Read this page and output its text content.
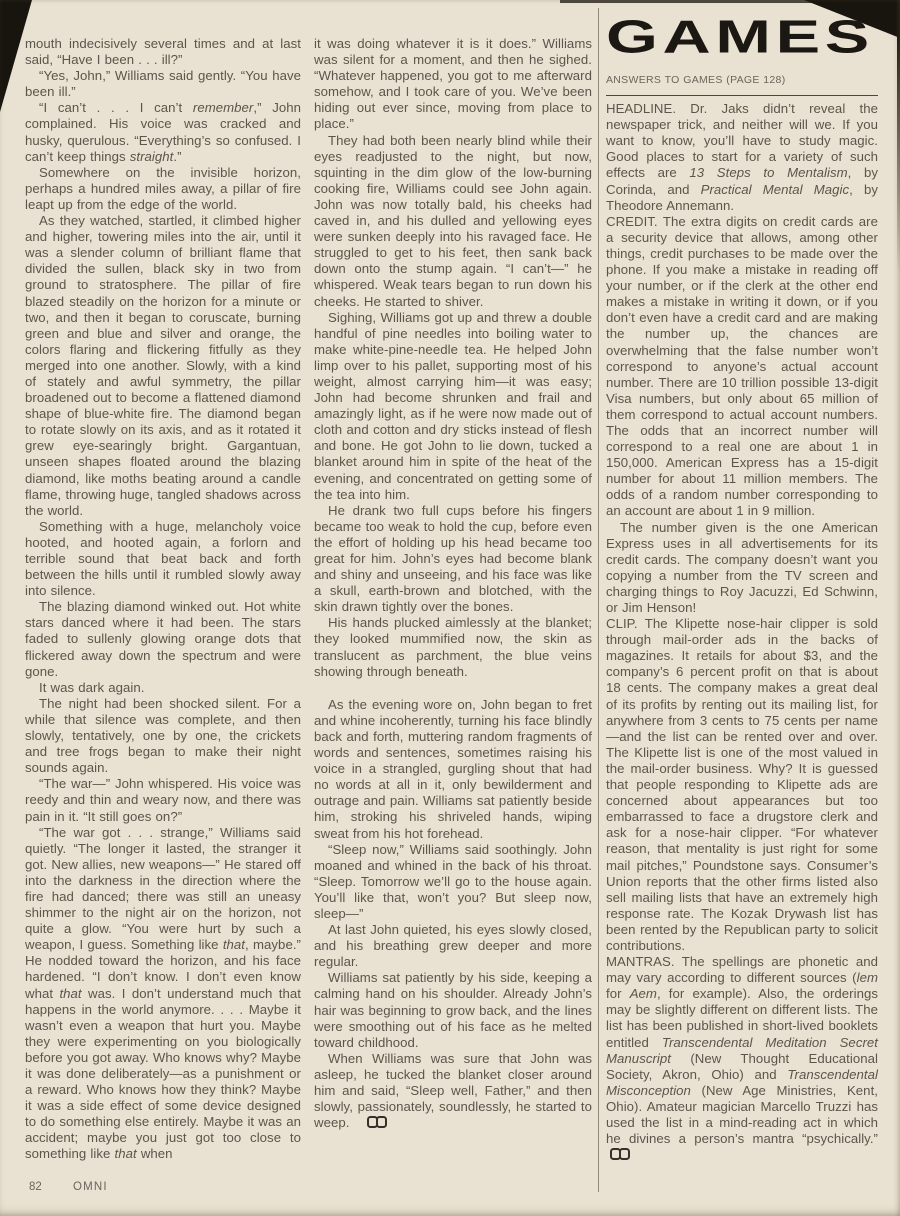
mouth indecisively several times and at last said, “Have I been . . . ill?”

“Yes, John,” Williams said gently. “You have been ill.”

“I can’t . . . I can’t remember,” John complained. His voice was cracked and husky, querulous. “Everything’s so confused. I can’t keep things straight.”

Somewhere on the invisible horizon, perhaps a hundred miles away, a pillar of fire leapt up from the edge of the world.

As they watched, startled, it climbed higher and higher, towering miles into the air, until it was a slender column of brilliant flame that divided the sullen, black sky in two from ground to stratosphere. The pillar of fire blazed steadily on the horizon for a minute or two, and then it began to coruscate, burning green and blue and silver and orange, the colors flaring and flickering fitfully as they merged into one another. Slowly, with a kind of stately and awful symmetry, the pillar broadened out to become a flattened diamond shape of blue-white fire. The diamond began to rotate slowly on its axis, and as it rotated it grew eye-searingly bright. Gargantuan, unseen shapes floated around the blazing diamond, like moths beating around a candle flame, throwing huge, tangled shadows across the world.

Something with a huge, melancholy voice hooted, and hooted again, a forlorn and terrible sound that beat back and forth between the hills until it rumbled slowly away into silence.

The blazing diamond winked out. Hot white stars danced where it had been. The stars faded to sullenly glowing orange dots that flickered away down the spectrum and were gone.

It was dark again.

The night had been shocked silent. For a while that silence was complete, and then slowly, tentatively, one by one, the crickets and tree frogs began to make their night sounds again.

“The war—” John whispered. His voice was reedy and thin and weary now, and there was pain in it. “It still goes on?”

“The war got . . . strange,” Williams said quietly. “The longer it lasted, the stranger it got. New allies, new weapons—” He stared off into the darkness in the direction where the fire had danced; there was still an uneasy shimmer to the night air on the horizon, not quite a glow. “You were hurt by such a weapon, I guess. Something like that, maybe.” He nodded toward the horizon, and his face hardened. “I don’t know. I don’t even know what that was. I don’t understand much that happens in the world anymore. . . . Maybe it wasn’t even a weapon that hurt you. Maybe they were experimenting on you biologically before you got away. Who knows why? Maybe it was done deliberately—as a punishment or a reward. Who knows how they think? Maybe it was a side effect of some device designed to do something else entirely. Maybe it was an accident; maybe you just got too close to something like that when

it was doing whatever it is it does.” Williams was silent for a moment, and then he sighed. “Whatever happened, you got to me afterward somehow, and I took care of you. We’ve been hiding out ever since, moving from place to place.”

They had both been nearly blind while their eyes readjusted to the night, but now, squinting in the dim glow of the low-burning cooking fire, Williams could see John again. John was now totally bald, his cheeks had caved in, and his dulled and yellowing eyes were sunken deeply into his ravaged face. He struggled to get to his feet, then sank back down onto the stump again. “I can’t—” he whispered. Weak tears began to run down his cheeks. He started to shiver.

Sighing, Williams got up and threw a double handful of pine needles into boiling water to make white-pine-needle tea. He helped John limp over to his pallet, supporting most of his weight, almost carrying him—it was easy; John had become shrunken and frail and amazingly light, as if he were now made out of cloth and cotton and dry sticks instead of flesh and bone. He got John to lie down, tucked a blanket around him in spite of the heat of the evening, and concentrated on getting some of the tea into him.

He drank two full cups before his fingers became too weak to hold the cup, before even the effort of holding up his head became too great for him. John’s eyes had become blank and shiny and unseeing, and his face was like a skull, earth-brown and blotched, with the skin drawn tightly over the bones.

His hands plucked aimlessly at the blanket; they looked mummified now, the skin as translucent as parchment, the blue veins showing through beneath.

As the evening wore on, John began to fret and whine incoherently, turning his face blindly back and forth, muttering random fragments of words and sentences, sometimes raising his voice in a strangled, gurgling shout that had no words at all in it, only bewilderment and outrage and pain. Williams sat patiently beside him, stroking his shriveled hands, wiping sweat from his hot forehead.

“Sleep now,” Williams said soothingly. John moaned and whined in the back of his throat. “Sleep. Tomorrow we’ll go to the house again. You’ll like that, won’t you? But sleep now, sleep—”

At last John quieted, his eyes slowly closed, and his breathing grew deeper and more regular.

Williams sat patiently by his side, keeping a calming hand on his shoulder. Already John’s hair was beginning to grow back, and the lines were smoothing out of his face as he melted toward childhood.

When Williams was sure that John was asleep, he tucked the blanket closer around him and said, “Sleep well, Father,” and then slowly, passionately, soundlessly, he started to weep.

GAMES
ANSWERS TO GAMES (PAGE 128)

HEADLINE. Dr. Jaks didn’t reveal the newspaper trick, and neither will we. If you want to know, you’ll have to study magic. Good places to start for a variety of such effects are 13 Steps to Mentalism, by Corinda, and Practical Mental Magic, by Theodore Annemann.

CREDIT. The extra digits on credit cards are a security device that allows, among other things, credit purchases to be made over the phone. If you make a mistake in reading off your number, or if the clerk at the other end makes a mistake in writing it down, or if you don’t even have a credit card and are making the number up, the chances are overwhelming that the false number won’t correspond to anyone’s actual account number. There are 10 trillion possible 13-digit Visa numbers, but only about 65 million of them correspond to actual account numbers. The odds that an incorrect number will correspond to a real one are about 1 in 150,000. American Express has a 15-digit number for about 11 million members. The odds of a random number corresponding to an account are about 1 in 9 million.

The number given is the one American Express uses in all advertisements for its credit cards. The company doesn’t want you copying a number from the TV screen and charging things to Roy Jacuzzi, Ed Schwinn, or Jim Henson!

CLIP. The Klipette nose-hair clipper is sold through mail-order ads in the backs of magazines. It retails for about $3, and the company’s 6 percent profit on that is about 18 cents. The company makes a great deal of its profits by renting out its mailing list, for anywhere from 3 cents to 75 cents per name—and the list can be rented over and over. The Klipette list is one of the most valued in the mail-order business. Why? It is guessed that people responding to Klipette ads are concerned about appearances but too embarrassed to face a drugstore clerk and ask for a nose-hair clipper. “For whatever reason, that mentality is just right for some mail pitches,” Poundstone says. Consumer’s Union reports that the other firms listed also sell mailing lists that have an extremely high response rate. The Kozak Drywash list has been rented by the Republican party to solicit contributions.

MANTRAS. The spellings are phonetic and may vary according to different sources (lem for Aem, for example). Also, the orderings may be slightly different on different lists. The list has been published in short-lived booklets entitled Transcendental Meditation Secret Manuscript (New Thought Educational Society, Akron, Ohio) and Transcendental Misconception (New Age Ministries, Kent, Ohio). Amateur magician Marcello Truzzi has used the list in a mind-reading act in which he divines a person’s mantra “psychically.”

82	OMNI
